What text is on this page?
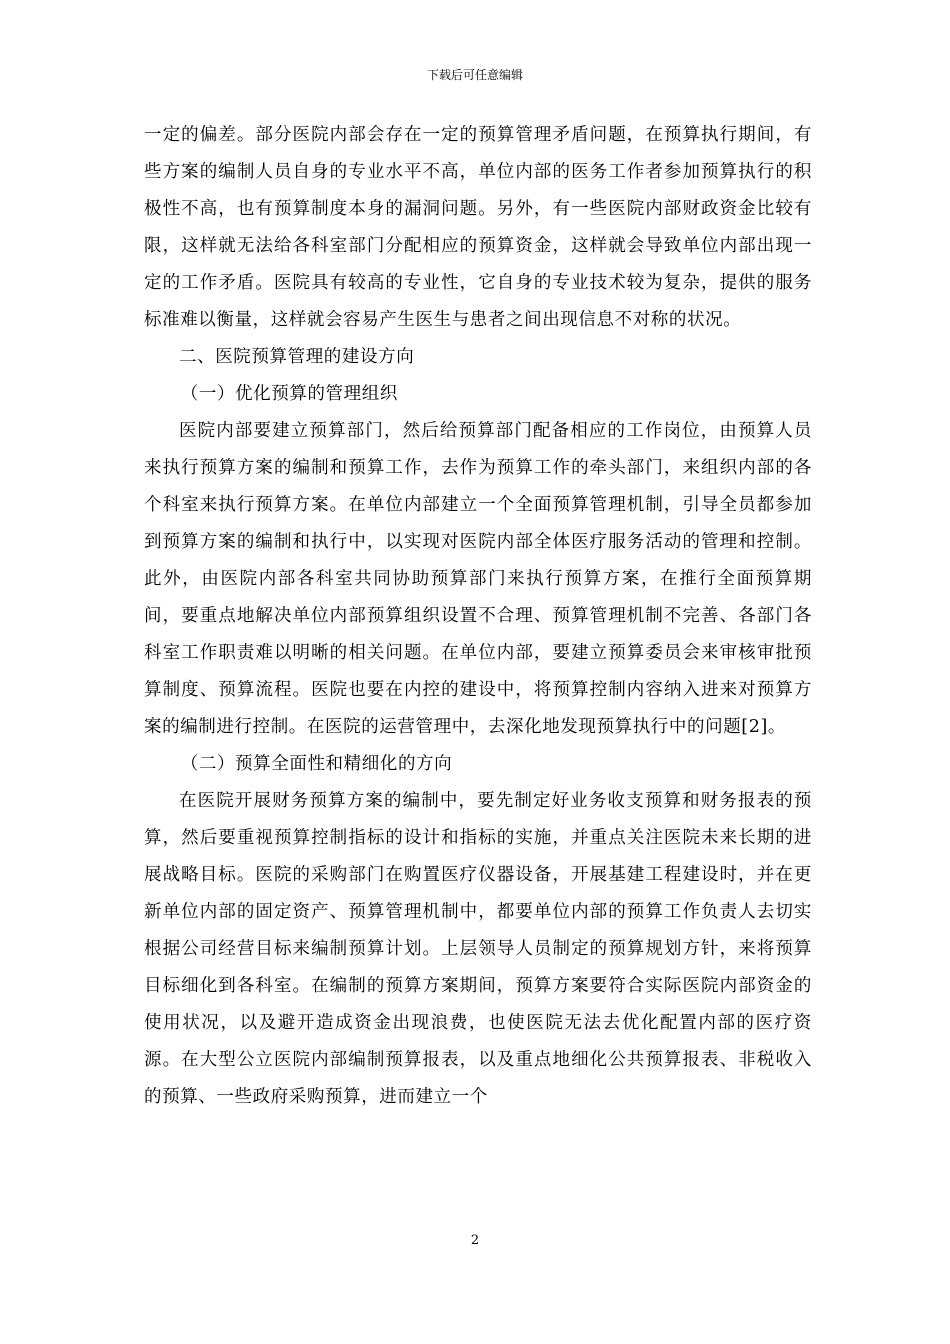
下载后可任意编辑

一定的偏差。部分医院内部会存在一定的预算管理矛盾问题，在预算执行期间，有些方案的编制人员自身的专业水平不高，单位内部的医务工作者参加预算执行的积极性不高，也有预算制度本身的漏洞问题。另外，有一些医院内部财政资金比较有限，这样就无法给各科室部门分配相应的预算资金，这样就会导致单位内部出现一定的工作矛盾。医院具有较高的专业性，它自身的专业技术较为复杂，提供的服务标准难以衡量，这样就会容易产生医生与患者之间出现信息不对称的状况。

二、医院预算管理的建设方向

（一）优化预算的管理组织

医院内部要建立预算部门，然后给预算部门配备相应的工作岗位，由预算人员来执行预算方案的编制和预算工作，去作为预算工作的牵头部门，来组织内部的各个科室来执行预算方案。在单位内部建立一个全面预算管理机制，引导全员都参加到预算方案的编制和执行中，以实现对医院内部全体医疗服务活动的管理和控制。此外，由医院内部各科室共同协助预算部门来执行预算方案，在推行全面预算期间，要重点地解决单位内部预算组织设置不合理、预算管理机制不完善、各部门各科室工作职责难以明晰的相关问题。在单位内部，要建立预算委员会来审核审批预算制度、预算流程。医院也要在内控的建设中，将预算控制内容纳入进来对预算方案的编制进行控制。在医院的运营管理中，去深化地发现预算执行中的问题[2]。

（二）预算全面性和精细化的方向

在医院开展财务预算方案的编制中，要先制定好业务收支预算和财务报表的预算，然后要重视预算控制指标的设计和指标的实施，并重点关注医院未来长期的进展战略目标。医院的采购部门在购置医疗仪器设备，开展基建工程建设时，并在更新单位内部的固定资产、预算管理机制中，都要单位内部的预算工作负责人去切实根据公司经营目标来编制预算计划。上层领导人员制定的预算规划方针，来将预算目标细化到各科室。在编制的预算方案期间，预算方案要符合实际医院内部资金的使用状况，以及避开造成资金出现浪费，也使医院无法去优化配置内部的医疗资源。在大型公立医院内部编制预算报表，以及重点地细化公共预算报表、非税收入的预算、一些政府采购预算，进而建立一个

2
